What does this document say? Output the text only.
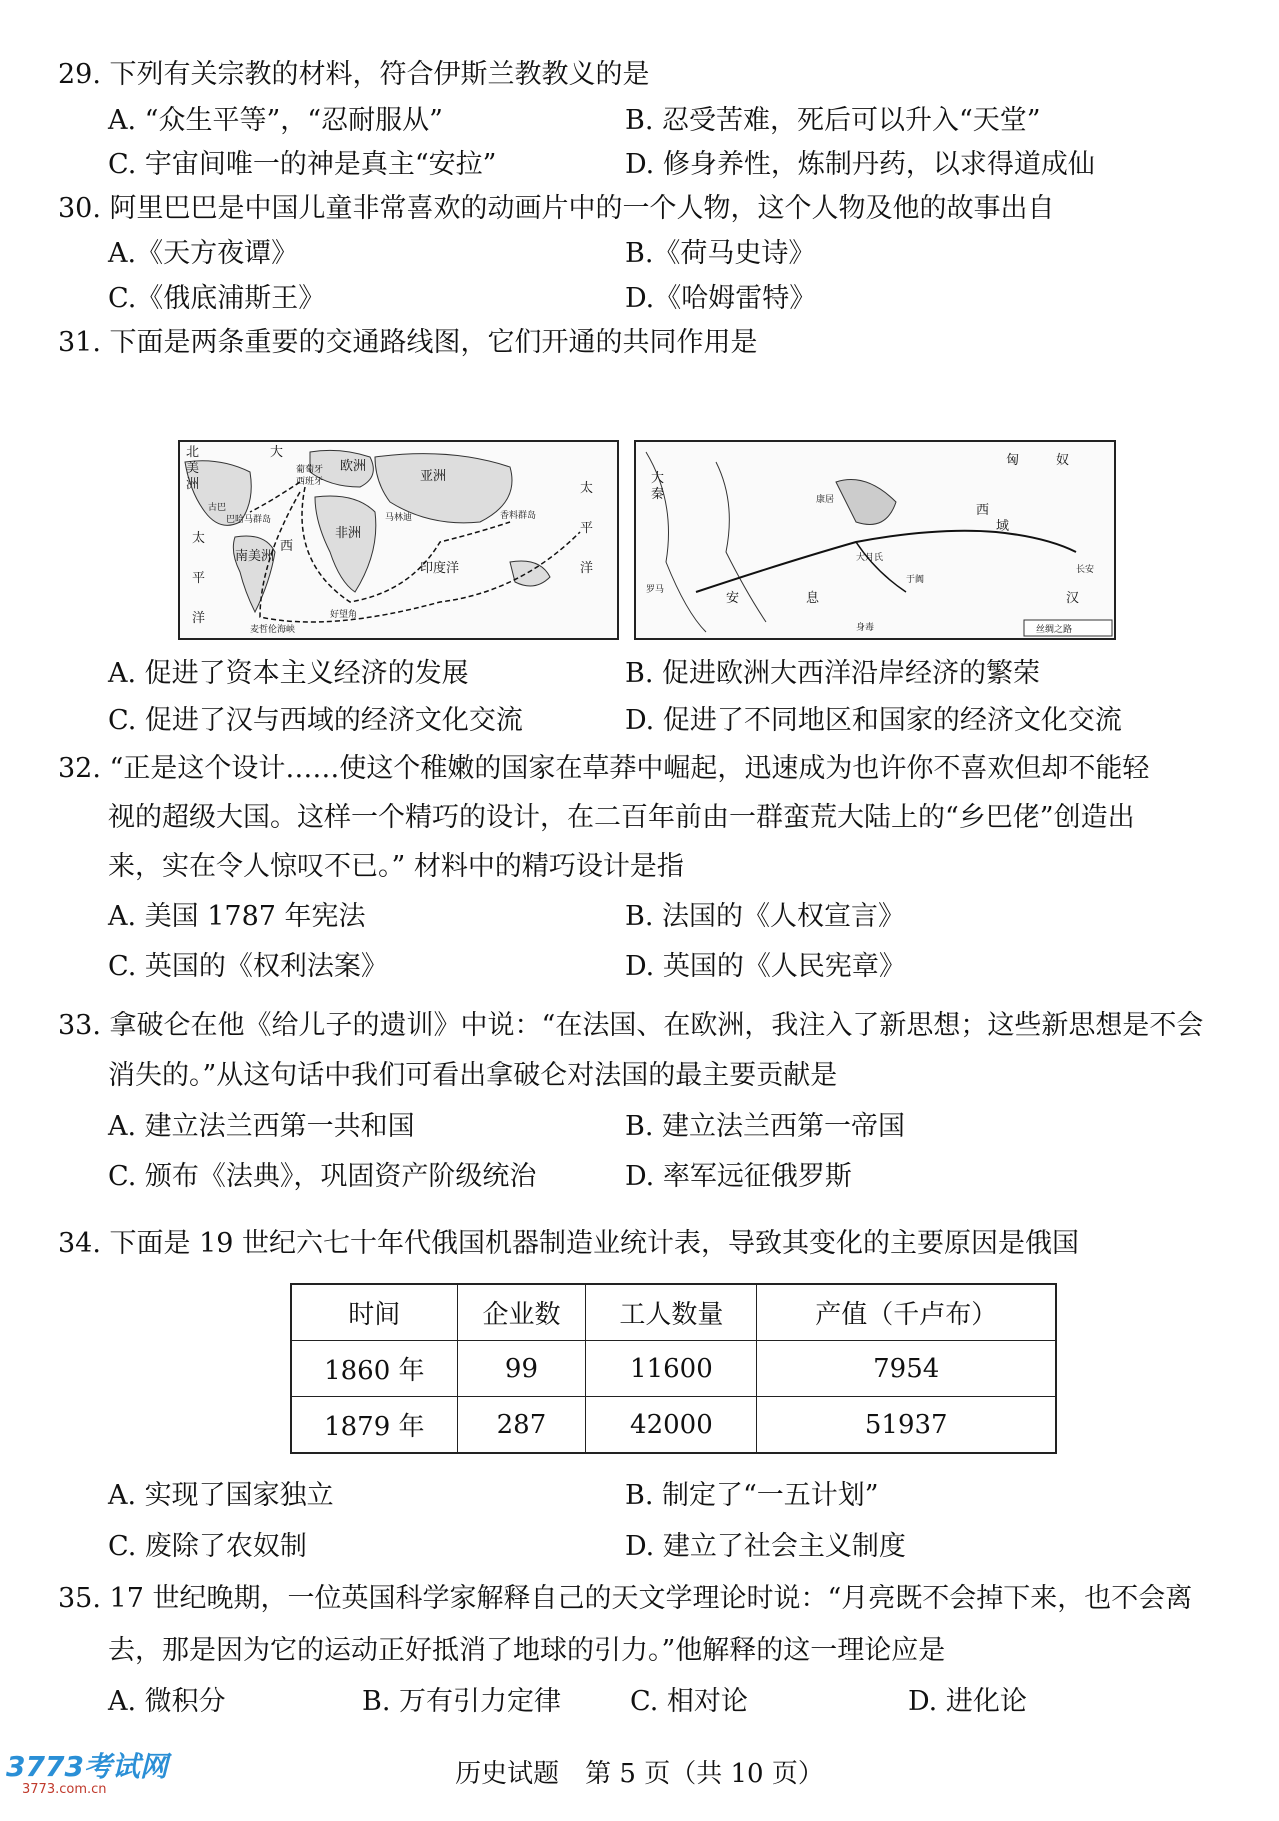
29. 下列有关宗教的材料，符合伊斯兰教教义的是
A. “众生平等”，“忍耐服从”	B. 忍受苦难，死后可以升入“天堂”
C. 宇宙间唯一的神是真主“安拉”	D. 修身养性，炼制丹药，以求得道成仙
30. 阿里巴巴是中国儿童非常喜欢的动画片中的一个人物，这个人物及他的故事出自
A.《天方夜谭》	B.《荷马史诗》
C.《俄底浦斯王》	D.《哈姆雷特》
31. 下面是两条重要的交通路线图，它们开通的共同作用是
北
美
洲
大
欧洲
西
亚洲
非洲
南美洲
太
平
洋
印度洋
太
平
洋
葡萄牙
西班牙
古巴
好望角
麦哲伦海峡
马林迪
巴哈马群岛	香料群岛
匈	奴
西
域
长安
汉
安	息
大月氏
于阗
康居
罗马
大
秦
身毒	丝绸之路
A. 促进了资本主义经济的发展	B. 促进欧洲大西洋沿岸经济的繁荣
C. 促进了汉与西域的经济文化交流	D. 促进了不同地区和国家的经济文化交流
32. “正是这个设计……使这个稚嫩的国家在草莽中崛起，迅速成为也许你不喜欢但却不能轻
视的超级大国。这样一个精巧的设计，在二百年前由一群蛮荒大陆上的“乡巴佬”创造出
来，实在令人惊叹不已。” 材料中的精巧设计是指
A. 美国 1787 年宪法	B. 法国的《人权宣言》
C. 英国的《权利法案》	D. 英国的《人民宪章》
33. 拿破仑在他《给儿子的遗训》中说：“在法国、在欧洲，我注入了新思想；这些新思想是不会
消失的。”从这句话中我们可看出拿破仑对法国的最主要贡献是
A. 建立法兰西第一共和国	B. 建立法兰西第一帝国
C. 颁布《法典》，巩固资产阶级统治	D. 率军远征俄罗斯
34. 下面是 19 世纪六七十年代俄国机器制造业统计表，导致其变化的主要原因是俄国
时间	企业数	工人数量	产值（千卢布）
1860 年	99	11600	7954
1879 年	287	42000	51937
A. 实现了国家独立	B. 制定了“一五计划”
C. 废除了农奴制	D. 建立了社会主义制度
35. 17 世纪晚期，一位英国科学家解释自己的天文学理论时说：“月亮既不会掉下来，也不会离
去，那是因为它的运动正好抵消了地球的引力。”他解释的这一理论应是
A. 微积分	B. 万有引力定律	C. 相对论	D. 进化论
历史试题　第 5 页（共 10 页）
3773考试网
3773.com.cn
